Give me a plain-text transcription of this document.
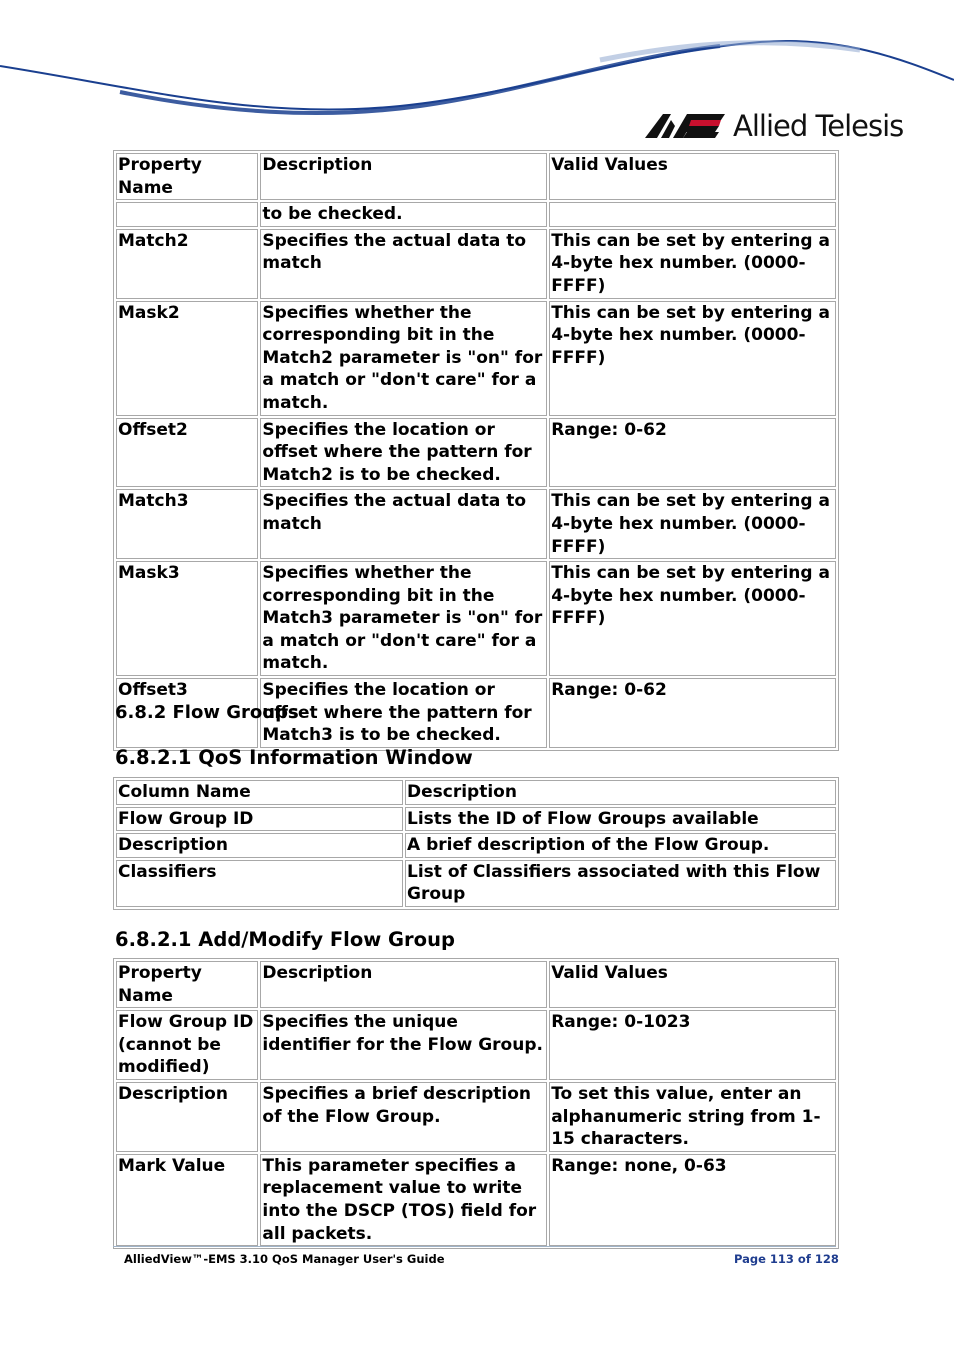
Allied Telesis
Property Name	Description	Valid Values
	to be checked.	
Match2	Specifies the actual data to match	This can be set by entering a 4-byte hex number. (0000-FFFF)
Mask2	Specifies whether the corresponding bit in the Match2 parameter is "on" for a match or "don't care" for a match.	This can be set by entering a 4-byte hex number. (0000-FFFF)
Offset2	Specifies the location or offset where the pattern for Match2 is to be checked.	Range: 0-62
Match3	Specifies the actual data to match	This can be set by entering a 4-byte hex number. (0000-FFFF)
Mask3	Specifies whether the corresponding bit in the Match3 parameter is "on" for a match or "don't care" for a match.	This can be set by entering a 4-byte hex number. (0000-FFFF)
Offset3	Specifies the location or offset where the pattern for Match3 is to be checked.	Range: 0-62
6.8.2 Flow Groups
6.8.2.1 QoS Information Window
Column Name	Description
Flow Group ID	Lists the ID of Flow Groups available
Description	A brief description of the Flow Group.
Classifiers	List of Classifiers associated with this Flow Group
6.8.2.1 Add/Modify Flow Group
Property Name	Description	Valid Values
Flow Group ID (cannot be modified)	Specifies the unique identifier for the Flow Group.	Range: 0-1023
Description	Specifies a brief description of the Flow Group.	To set this value, enter an alphanumeric string from 1-15 characters.
Mark Value	This parameter specifies a replacement value to write into the DSCP (TOS) field for all packets.	Range: none, 0-63
AlliedView™-EMS 3.10 QoS Manager User's Guide	Page 113 of 128
